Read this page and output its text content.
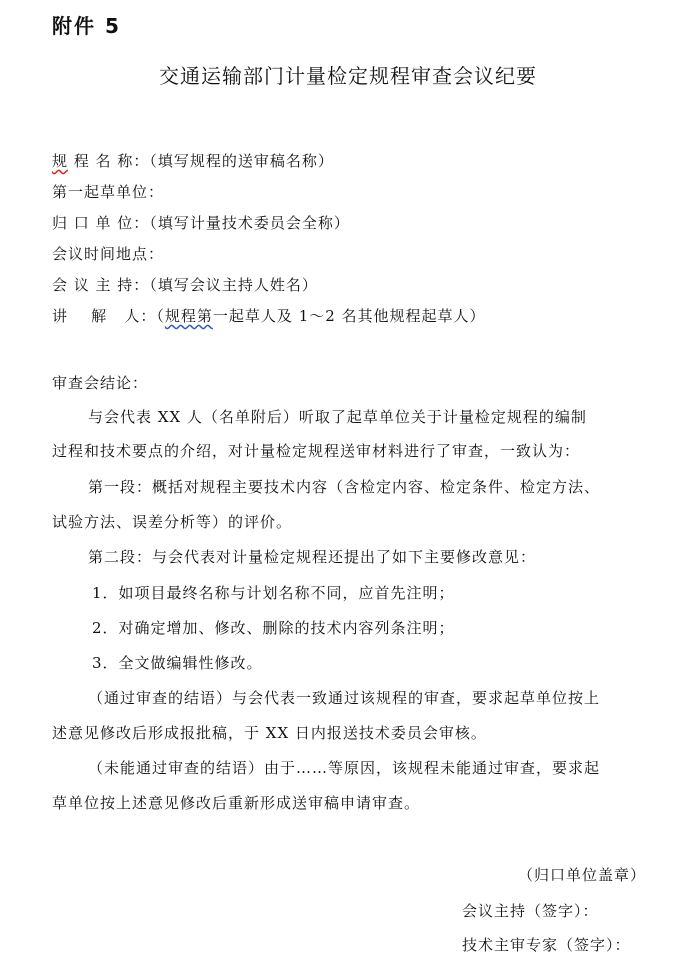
附件 5
交通运输部门计量检定规程审查会议纪要
规 程 名 称：（填写规程的送审稿名称）
第一起草单位：
归 口 单 位：（填写计量技术委员会全称）
会议时间地点：
会 议 主 持：（填写会议主持人姓名）
讲    解   人：（规程第一起草人及 1～2 名其他规程起草人）
审查会结论：
与会代表 XX 人（名单附后）听取了起草单位关于计量检定规程的编制
过程和技术要点的介绍，对计量检定规程送审材料进行了审查，一致认为：
第一段：概括对规程主要技术内容（含检定内容、检定条件、检定方法、
试验方法、误差分析等）的评价。
第二段：与会代表对计量检定规程还提出了如下主要修改意见：
1．如项目最终名称与计划名称不同，应首先注明；
2．对确定增加、修改、删除的技术内容列条注明；
3．全文做编辑性修改。
（通过审查的结语）与会代表一致通过该规程的审查，要求起草单位按上
述意见修改后形成报批稿，于 XX 日内报送技术委员会审核。
（未能通过审查的结语）由于……等原因，该规程未能通过审查，要求起
草单位按上述意见修改后重新形成送审稿申请审查。
（归口单位盖章）
会议主持（签字）：
技术主审专家（签字）：
